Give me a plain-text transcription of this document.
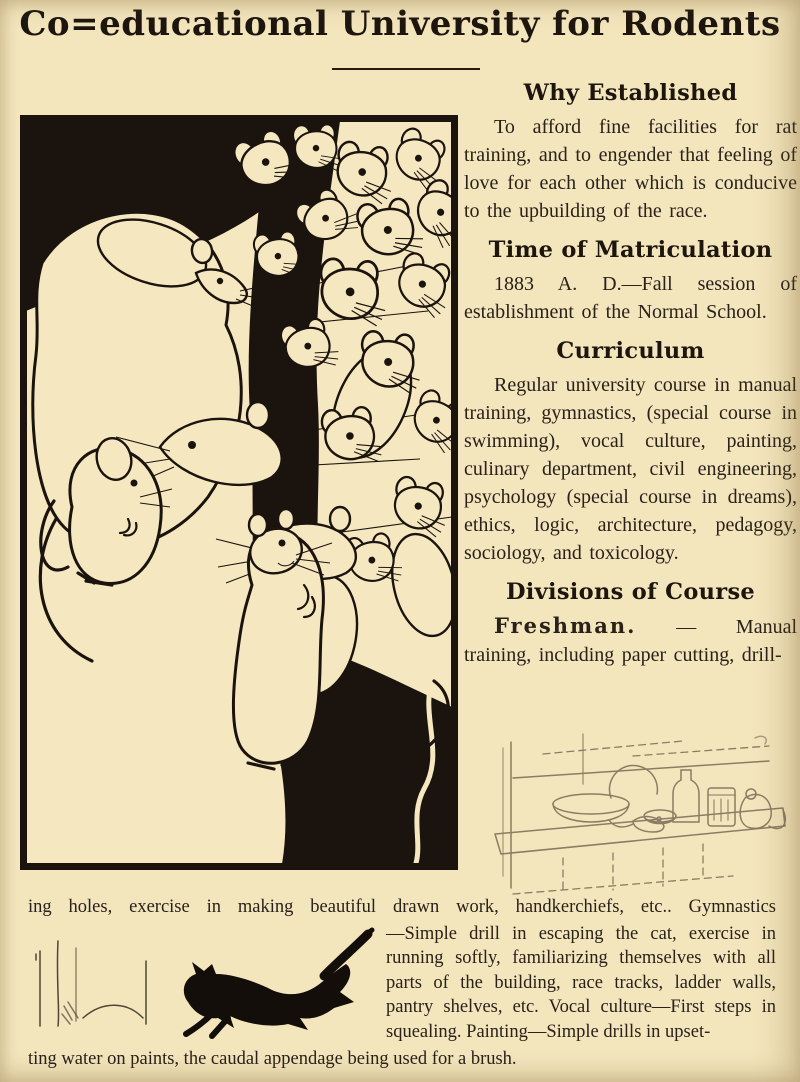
Co=educational University for Rodents
Why Established

To afford fine facilities for rat training, and to engender that feeling of love for each other which is conducive to the upbuilding of the race.

Time of Matriculation

1883 A. D.—Fall session of establishment of the Normal School.

Curriculum

Regular university course in manual training, gymnastics, (special course in swimming), vocal culture, painting, culinary department, civil engineering, psychology (special course in dreams), ethics, logic, architecture, pedagogy, sociology, and toxicology.

Divisions of Course

Freshman. — Manual training, including paper cutting, drill-

ing holes, exercise in making beautiful drawn work, handkerchiefs, etc.. Gymnastics

—Simple drill in escaping the cat, exercise in running softly, familiarizing themselves with all parts of the building, race tracks, ladder walls, pantry shelves, etc. Vocal culture—First steps in squealing. Painting—Simple drills in upset-

ting water on paints, the caudal appendage being used for a brush.
